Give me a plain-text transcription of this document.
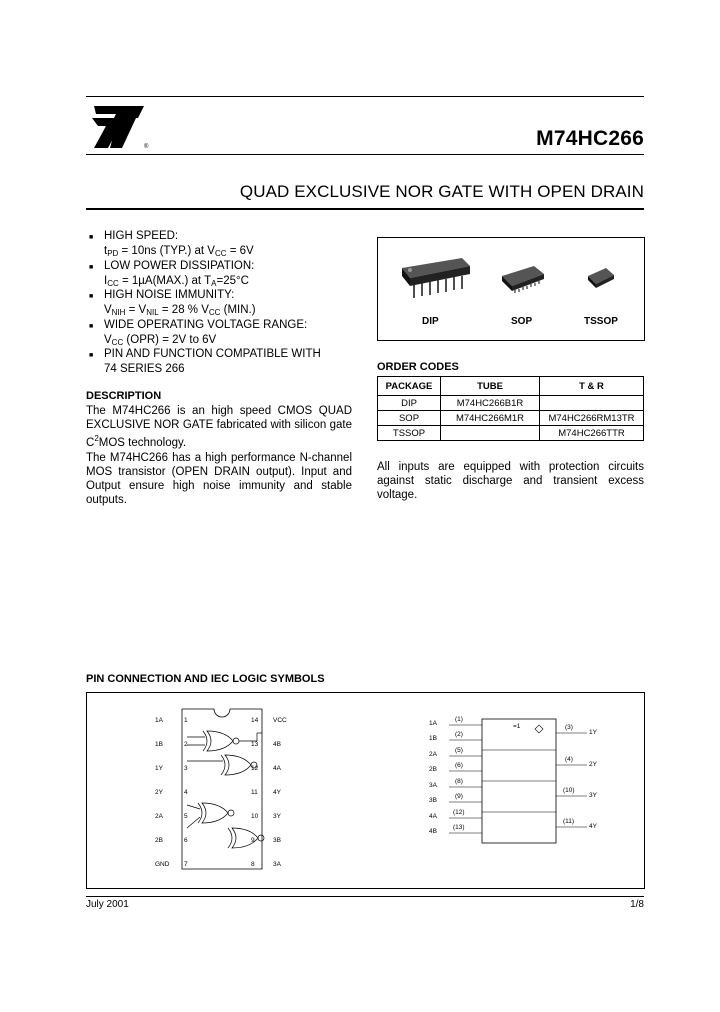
®	M74HC266
QUAD EXCLUSIVE NOR GATE WITH OPEN DRAIN
■ HIGH SPEED:
$t_{PD} = 10ns$ (TYP.) at $V_{CC} = 6V$
■ LOW POWER DISSIPATION:
$I_{CC} = 1\mu A(MAX.)$ at $T_A=25^\circ C$
■ HIGH NOISE IMMUNITY:
$V_{NIH} = V_{NIL} = 28$ % $V_{CC}$ (MIN.)
■ WIDE OPERATING VOLTAGE RANGE:
$V_{CC}$ (OPR) = 2V to 6V
■ PIN AND FUNCTION COMPATIBLE WITH
74 SERIES 266
DESCRIPTION
The M74HC266 is an high speed CMOS QUAD EXCLUSIVE NOR GATE fabricated with silicon gate $C^2MOS$ technology.
The M74HC266 has a high performance N-channel MOS transistor (OPEN DRAIN output). Input and Output ensure high noise immunity and stable outputs.
DIP	SOP	TSSOP
ORDER CODES
PACKAGE	TUBE	T & R
DIP	M74HC266B1R	
SOP	M74HC266M1R	M74HC266RM13TR
TSSOP		M74HC266TTR
All inputs are equipped with protection circuits against static discharge and transient excess voltage.
PIN CONNECTION AND IEC LOGIC SYMBOLS
1A
1B
1Y
2Y
2A
2B
GND
1
2
3
4
5
6
7
14
13
12
11
10
9
8
VCC
4B
4A
4Y
3Y
3B
3A
=1
1A
1B
2A
2B
3A
3B
4A
4B
(1)
(2)
(5)
(6)
(8)
(9)
(12)
(13)
(3)
(4)
(10)
(11)
1Y
2Y
3Y
4Y
July 2001	1/8
